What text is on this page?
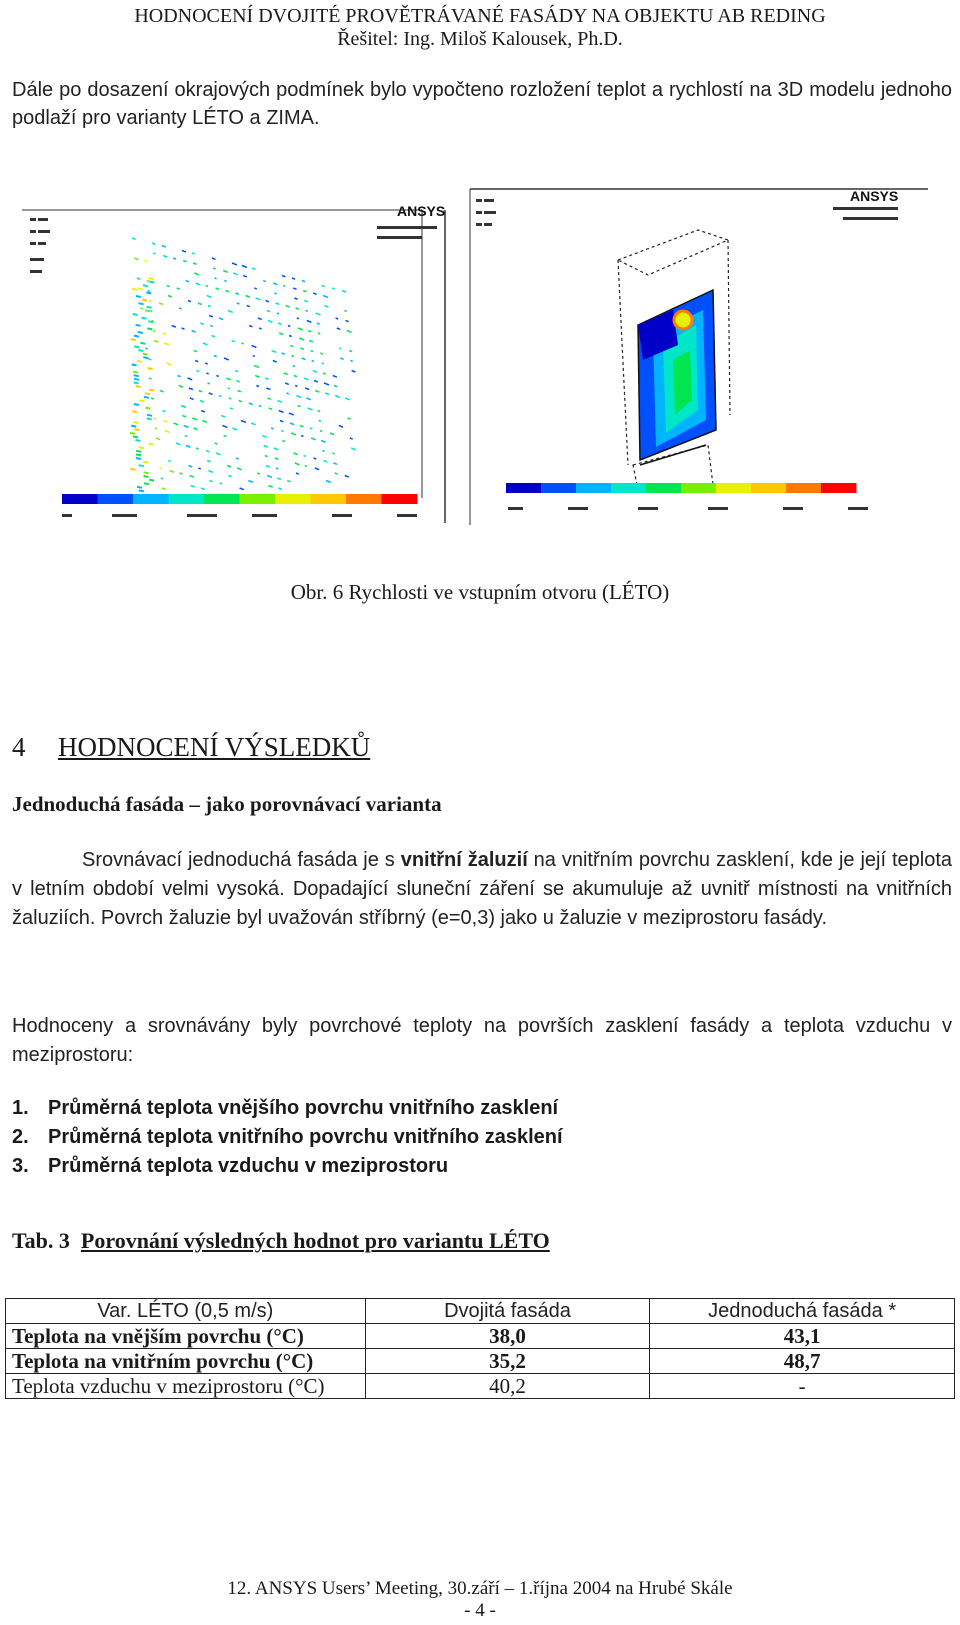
HODNOCENÍ DVOJITÉ PROVĚTRÁVANÉ FASÁDY NA OBJEKTU AB REDING
Řešitel: Ing. Miloš Kalousek, Ph.D.
Dále po dosazení okrajových podmínek bylo vypočteno rozložení teplot a rychlostí na 3D modelu jednoho podlaží pro varianty LÉTO a ZIMA.
ANSYS
ANSYS
Obr. 6 Rychlosti ve vstupním otvoru (LÉTO)
4 HODNOCENÍ VÝSLEDKŮ
Jednoduchá fasáda – jako porovnávací varianta
Srovnávací jednoduchá fasáda je s vnitřní žaluzií na vnitřním povrchu zasklení, kde je její teplota v letním období velmi vysoká. Dopadající sluneční záření se akumuluje až uvnitř místnosti na vnitřních žaluziích. Povrch žaluzie byl uvažován stříbrný (e=0,3) jako u žaluzie v meziprostoru fasády.
Hodnoceny a srovnávány byly povrchové teploty na površích zasklení fasády a teplota vzduchu v meziprostoru:
1. Průměrná teplota vnějšího povrchu vnitřního zasklení
2. Průměrná teplota vnitřního povrchu vnitřního zasklení
3. Průměrná teplota vzduchu v meziprostoru
Tab. 3 Porovnání výsledných hodnot pro variantu LÉTO
Var. LÉTO (0,5 m/s)	Dvojitá fasáda	Jednoduchá fasáda *
Teplota na vnějším povrchu (°C)	38,0	43,1
Teplota na vnitřním povrchu (°C)	35,2	48,7
Teplota vzduchu v meziprostoru (°C)	40,2	-
12. ANSYS Users’ Meeting, 30.září – 1.října 2004 na Hrubé Skále
- 4 -
